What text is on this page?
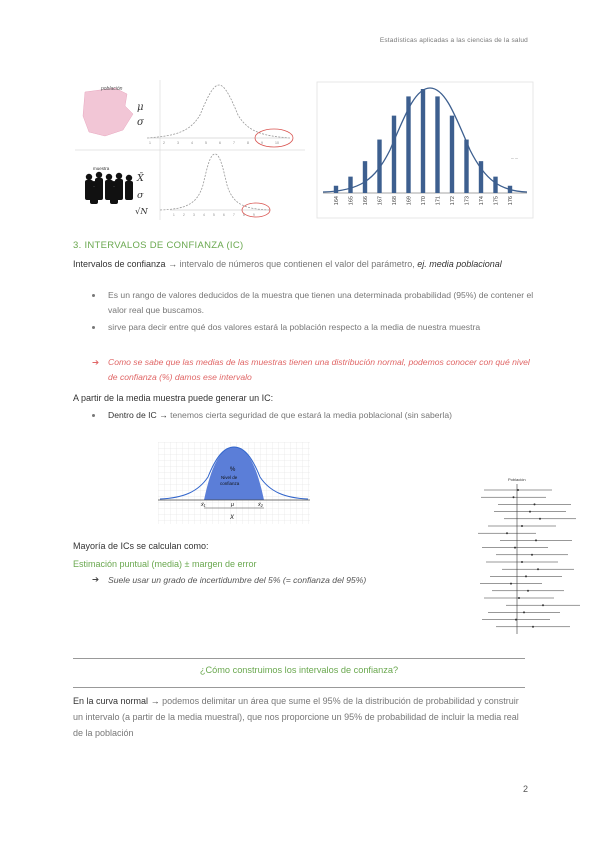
Estadísticas aplicadas a las ciencias de la salud
población
μ
σ
1	2	3	4	5	6	7	8	9	10
muestra
X̄
σ
√N	1	2	3	4	5	6	7	8	9
164 165 166 167 168 169 170 171 172 173 174 175 176
– –
3. INTERVALOS DE CONFIANZA (IC)
Intervalos de confianza → intervalo de números que contienen el valor del parámetro, ej. media poblacional
Es un rango de valores deducidos de la muestra que tienen una determinada probabilidad (95%) de contener el valor real que buscamos.
sirve para decir entre qué dos valores estará la población respecto a la media de nuestra muestra
➔ Como se sabe que las medias de las muestras tienen una distribución normal, podemos conocer con qué nivel de confianza (%) damos ese intervalo
A partir de la media muestra puede generar un IC:
Dentro de IC → tenemos cierta seguridad de que estará la media poblacional (sin saberla)
%
Nivel de
confianza
x̄₁	μ	x̄₂
X
Población
Mayoría de ICs se calculan como:
Estimación puntual (media) ± margen de error
➔ Suele usar un grado de incertidumbre del 5% (= confianza del 95%)
¿Cómo construimos los intervalos de confianza?
En la curva normal → podemos delimitar un área que sume el 95% de la distribución de probabilidad y construir un intervalo (a partir de la media muestral), que nos proporcione un 95% de probabilidad de incluir la media real de la población
2
